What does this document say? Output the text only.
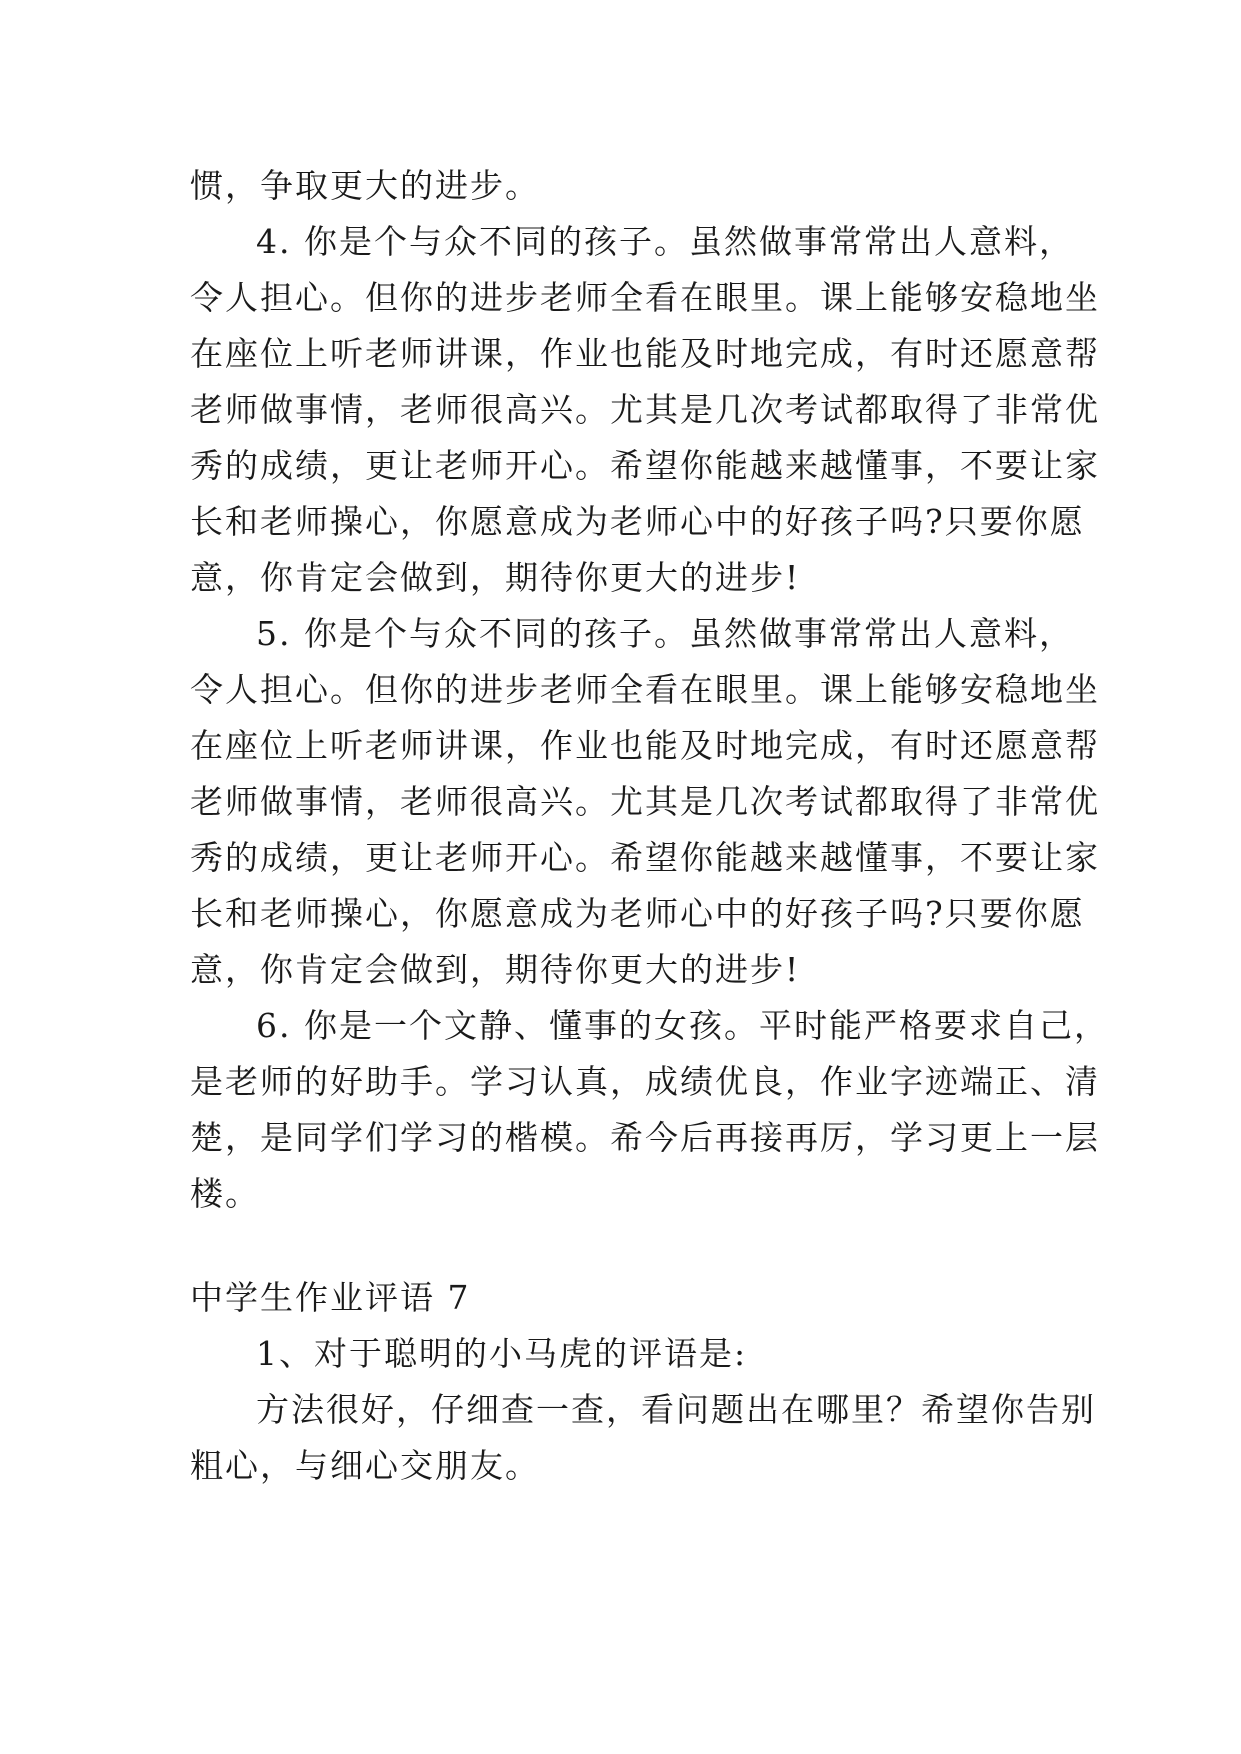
惯，争取更大的进步。
4. 你是个与众不同的孩子。虽然做事常常出人意料，
令人担心。但你的进步老师全看在眼里。课上能够安稳地坐
在座位上听老师讲课，作业也能及时地完成，有时还愿意帮
老师做事情，老师很高兴。尤其是几次考试都取得了非常优
秀的成绩，更让老师开心。希望你能越来越懂事，不要让家
长和老师操心，你愿意成为老师心中的好孩子吗?只要你愿
意，你肯定会做到，期待你更大的进步!
5. 你是个与众不同的孩子。虽然做事常常出人意料，
令人担心。但你的进步老师全看在眼里。课上能够安稳地坐
在座位上听老师讲课，作业也能及时地完成，有时还愿意帮
老师做事情，老师很高兴。尤其是几次考试都取得了非常优
秀的成绩，更让老师开心。希望你能越来越懂事，不要让家
长和老师操心，你愿意成为老师心中的好孩子吗?只要你愿
意，你肯定会做到，期待你更大的进步!
6. 你是一个文静、懂事的女孩。平时能严格要求自己，
是老师的好助手。学习认真，成绩优良，作业字迹端正、清
楚，是同学们学习的楷模。希今后再接再厉，学习更上一层
楼。
中学生作业评语 7
1、对于聪明的小马虎的评语是:
方法很好，仔细查一查，看问题出在哪里？希望你告别
粗心，与细心交朋友。
